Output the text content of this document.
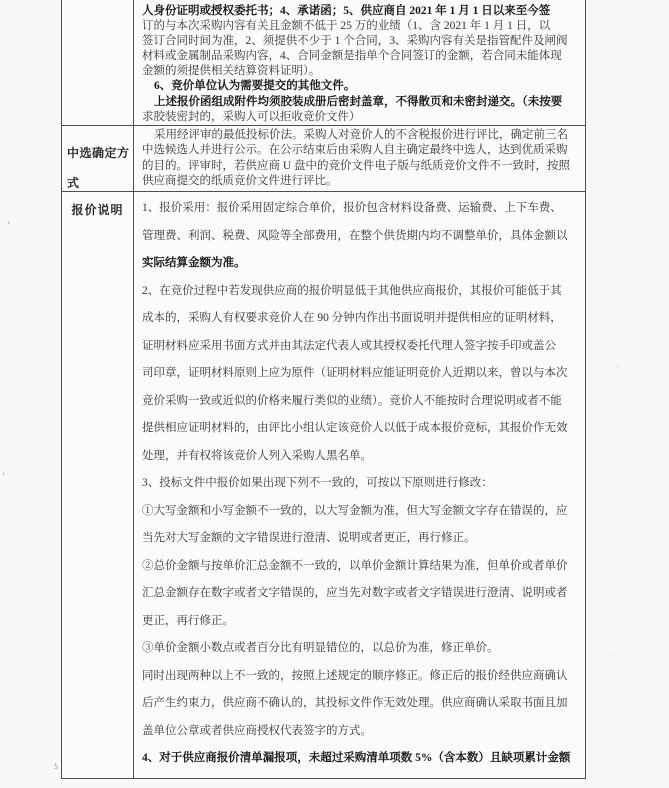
人身份证明或授权委托书；4、承诺函；5、供应商自 2021 年 1 月 1 日以来至今签
订的与本次采购内容有关且金额不低于 25 万的业绩（1、含 2021 年 1 月 1 日，以
签订合同时间为准，2、须提供不少于 1 个合同，3、采购内容有关是指管配件及闸阀
材料或金属制品采购内容，4、合同金额是指单个合同签订的金额，若合同未能体现
金额的须提供相关结算资料证明）。
6、竞价单位认为需要提交的其他文件。
上述报价函组成附件均须胶装成册后密封盖章，不得散页和未密封递交。（未按要
求胶装密封的，采购人可以拒收竞价文件）
中选确定方式
采用经评审的最低投标价法。采购人对竞价人的不含税报价进行评比，确定前三名
中选候选人并进行公示。在公示结束后由采购人自主确定最终中选人，达到优质采购
的目的。评审时，若供应商 U 盘中的竞价文件电子版与纸质竞价文件不一致时，按照
供应商提交的纸质竞价文件进行评比。
报价说明	1、报价采用：报价采用固定综合单价，报价包含材料设备费、运输费、上下车费、
管理费、利润、税费、风险等全部费用，在整个供货期内均不调整单价，具体金额以
实际结算金额为准。
2、在竞价过程中若发现供应商的报价明显低于其他供应商报价，其报价可能低于其
成本的，采购人有权要求竞价人在 90 分钟内作出书面说明并提供相应的证明材料，
证明材料应采用书面方式并由其法定代表人或其授权委托代理人签字按手印或盖公
司印章，证明材料原则上应为原件（证明材料应能证明竞价人近期以来，曾以与本次
竞价采购一致或近似的价格来履行类似的业绩）。竞价人不能按时合理说明或者不能
提供相应证明材料的，由评比小组认定该竞价人以低于成本报价竞标，其报价作无效
处理，并有权将该竞价人列入采购人黑名单。
3、投标文件中报价如果出现下列不一致的，可按以下原则进行修改：
①大写金额和小写金额不一致的，以大写金额为准，但大写金额文字存在错误的，应
当先对大写金额的文字错误进行澄清、说明或者更正，再行修正。
②总价金额与按单价汇总金额不一致的，以单价金额计算结果为准，但单价或者单价
汇总金额存在数字或者文字错误的，应当先对数字或者文字错误进行澄清、说明或者
更正，再行修正。
③单价金额小数点或者百分比有明显错位的，以总价为准，修正单价。
同时出现两种以上不一致的，按照上述规定的顺序修正。修正后的报价经供应商确认
后产生约束力，供应商不确认的，其投标文件作无效处理。供应商确认采取书面且加
盖单位公章或者供应商授权代表签字的方式。
4、对于供应商报价清单漏报项，未超过采购清单项数 5%（含本数）且缺项累计金额
‹
‹
ʖ
·
·
